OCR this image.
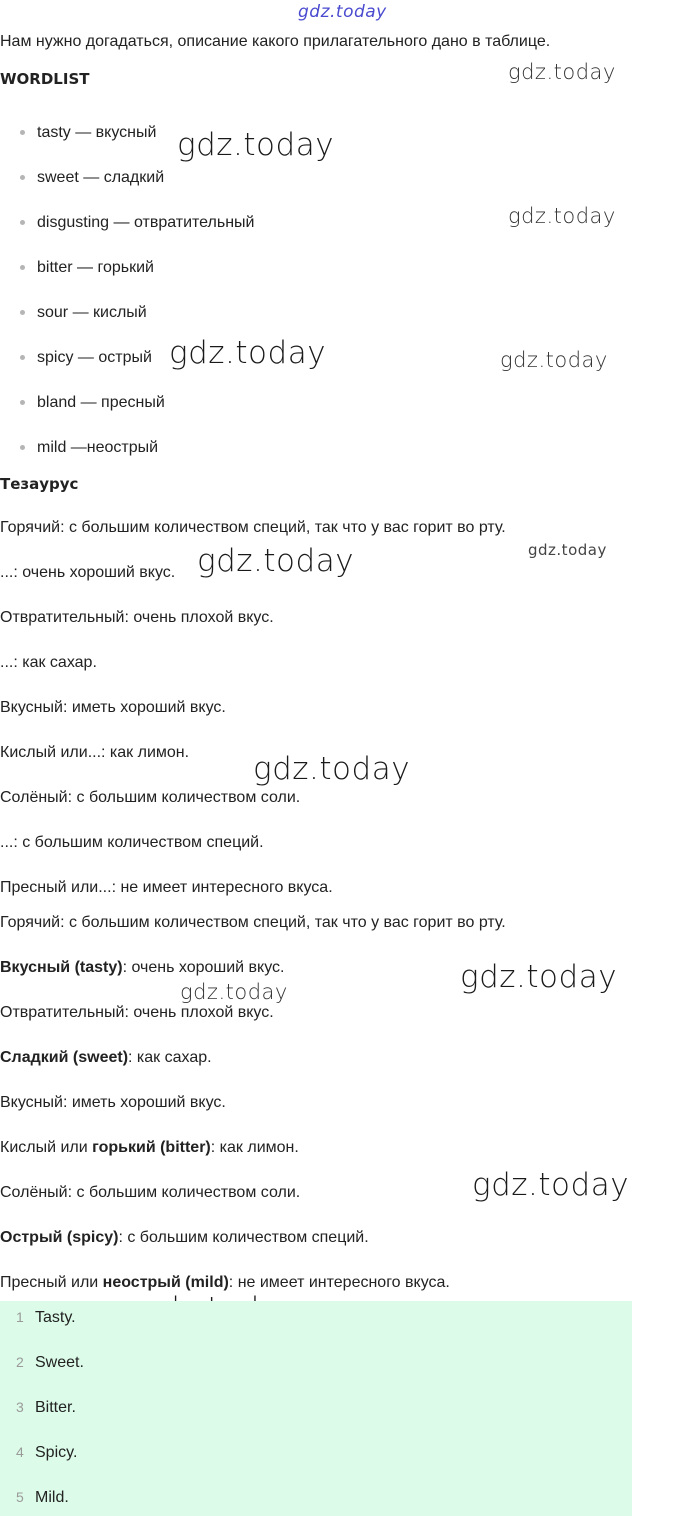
gdz.today
gdz.today
gdz.today
gdz.today
gdz.today	gdz.today
gdz.today
gdz.today
gdz.today
gdz.today
gdz.today
gdz.today
Нам нужно догадаться, описание какого прилагательного дано в таблице.
WORDLIST
tasty — вкусный
sweet — сладкий
disgusting — отвратительный
bitter — горький
sour — кислый
spicy — острый
bland — пресный
mild —неострый
Тезаурус
Горячий: с большим количеством специй, так что у вас горит во рту.
...: очень хороший вкус.
Отвратительный: очень плохой вкус.
...: как сахар.
Вкусный: иметь хороший вкус.
Кислый или...: как лимон.
Солёный: с большим количеством соли.
...: с большим количеством специй.
Пресный или...: не имеет интересного вкуса.
Горячий: с большим количеством специй, так что у вас горит во рту.
Вкусный (tasty): очень хороший вкус.
Отвратительный: очень плохой вкус.
Сладкий (sweet): как сахар.
Вкусный: иметь хороший вкус.
Кислый или горький (bitter): как лимон.
Солёный: с большим количеством соли.
Острый (spicy): с большим количеством специй.
Пресный или неострый (mild): не имеет интересного вкуса.
1 Tasty.
2 Sweet.
3 Bitter.
4 Spicy.
5 Mild.
